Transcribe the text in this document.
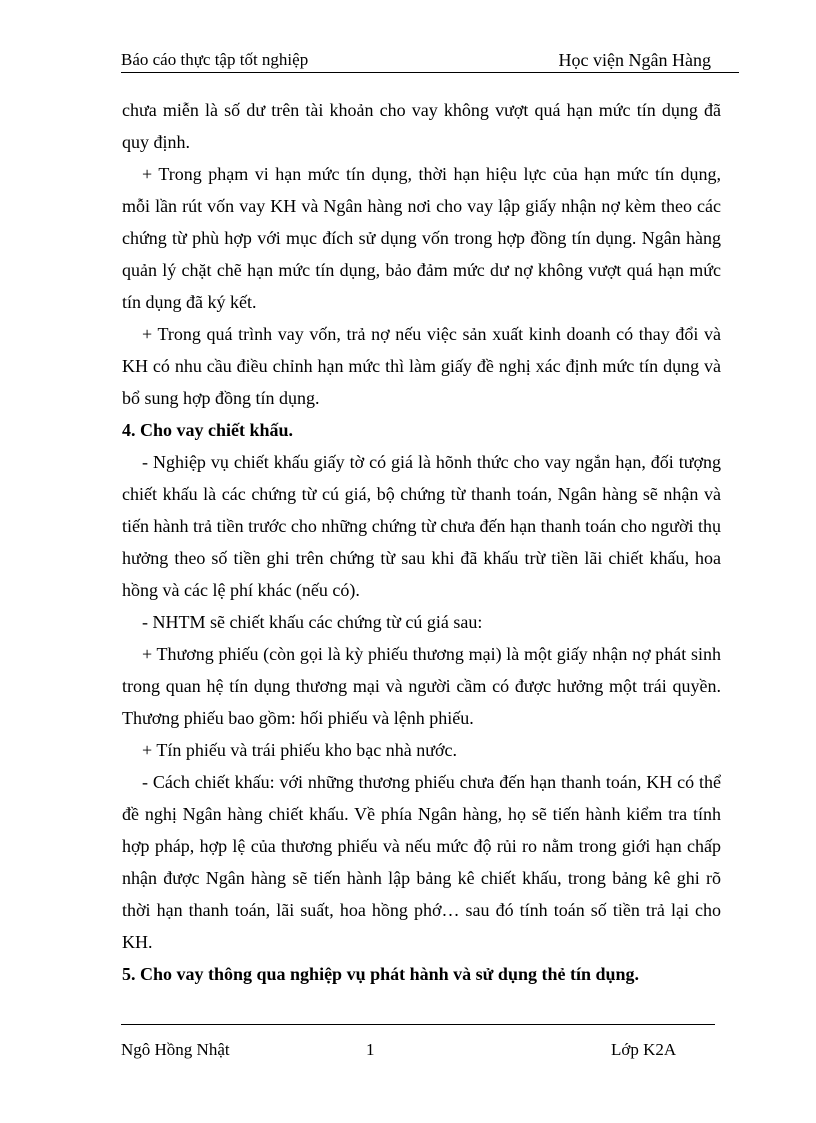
Báo cáo thực tập tốt nghiệp	Học viện Ngân Hàng

chưa miễn là số dư trên tài khoản cho vay không vượt quá hạn mức tín dụng đã quy định.

+ Trong phạm vi hạn mức tín dụng, thời hạn hiệu lực của hạn mức tín dụng, mỗi lần rút vốn vay KH và Ngân hàng nơi cho vay lập giấy nhận nợ kèm theo các chứng từ phù hợp với mục đích sử dụng vốn trong hợp đồng tín dụng. Ngân hàng quản lý chặt chẽ hạn mức tín dụng, bảo đảm mức dư nợ không vượt quá hạn mức tín dụng đã ký kết.

+ Trong quá trình vay vốn, trả nợ nếu việc sản xuất kinh doanh có thay đổi và KH có nhu cầu điều chỉnh hạn mức thì làm giấy đề nghị xác định mức tín dụng và bổ sung hợp đồng tín dụng.

4. Cho vay chiết khấu.

- Nghiệp vụ chiết khấu giấy tờ có giá là hõnh thức cho vay ngắn hạn, đối tượng chiết khấu là các chứng từ cú giá, bộ chứng từ thanh toán, Ngân hàng sẽ nhận và tiến hành trả tiền trước cho những chứng từ chưa đến hạn thanh toán cho người thụ hưởng theo số tiền ghi trên chứng từ sau khi đã khấu trừ tiền lãi chiết khấu, hoa hồng và các lệ phí khác (nếu có).

- NHTM sẽ chiết khấu các chứng từ cú giá sau:

+ Thương phiếu (còn gọi là kỳ phiếu thương mại) là một giấy nhận nợ phát sinh trong quan hệ tín dụng thương mại và người cầm có được hưởng một trái quyền. Thương phiếu bao gồm: hối phiếu và lệnh phiếu.

+ Tín phiếu và trái phiếu kho bạc nhà nước.

- Cách chiết khấu: với những thương phiếu chưa đến hạn thanh toán, KH có thể đề nghị Ngân hàng chiết khấu. Về phía Ngân hàng, họ sẽ tiến hành kiểm tra tính hợp pháp, hợp lệ của thương phiếu và nếu mức độ rủi ro nằm trong giới hạn chấp nhận được Ngân hàng sẽ tiến hành lập bảng kê chiết khấu, trong bảng kê ghi rõ thời hạn thanh toán, lãi suất, hoa hồng phớ… sau đó tính toán số tiền trả lại cho KH.

5. Cho vay thông qua nghiệp vụ phát hành và sử dụng thẻ tín dụng.

Ngô Hồng Nhật	1	Lớp K2A
